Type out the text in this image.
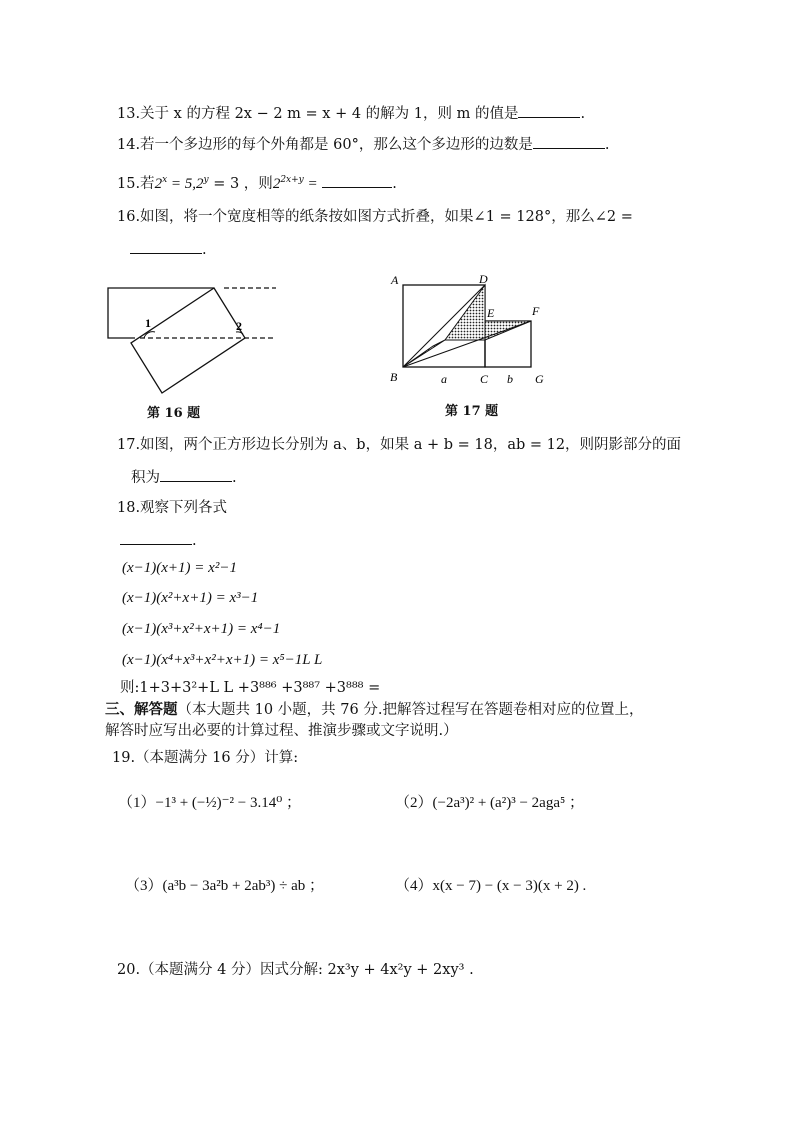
13.关于 x 的方程 2x − 2 m = x + 4 的解为 1，则 m 的值是	.
14.若一个多边形的每个外角都是 60°，那么这个多边形的边数是	.
15.若$2^x = 5,2^y = 3$ ，则$2^{2x+y}$ =	.
16.如图，将一个宽度相等的纸条按如图方式折叠，如果∠1 = 128°，那么∠2 =
.
1	2
第 16 题
A	D
E	F
B	a	C b G
第 17 题
17.如图，两个正方形边长分别为 a、b，如果 a + b = 18，ab = 12，则阴影部分的面
积为	.
18.观察下列各式
.
(x−1)(x+1) = x²−1
(x−1)(x²+x+1) = x³−1
(x−1)(x³+x²+x+1) = x⁴−1
(x−1)(x⁴+x³+x²+x+1) = x⁵−1L L
则:1+3+3²+L L +3⁸⁸⁶ +3⁸⁸⁷ +3⁸⁸⁸ =
三、解答题（本大题共 10 小题，共 76 分.把解答过程写在答题卷相对应的位置上，
解答时应写出必要的计算过程、推演步骤或文字说明.）
19.（本题满分 16 分）计算:
（1）−1³ + (−½)⁻² − 3.14⁰ ；	（2）(−2a³)² + (a²)³ − 2aga⁵ ；
（3）(a³b − 3a²b + 2ab³) ÷ ab ；	（4）x(x − 7) − (x − 3)(x + 2) .
20.（本题满分 4 分）因式分解: 2x³y + 4x²y + 2xy³ .
